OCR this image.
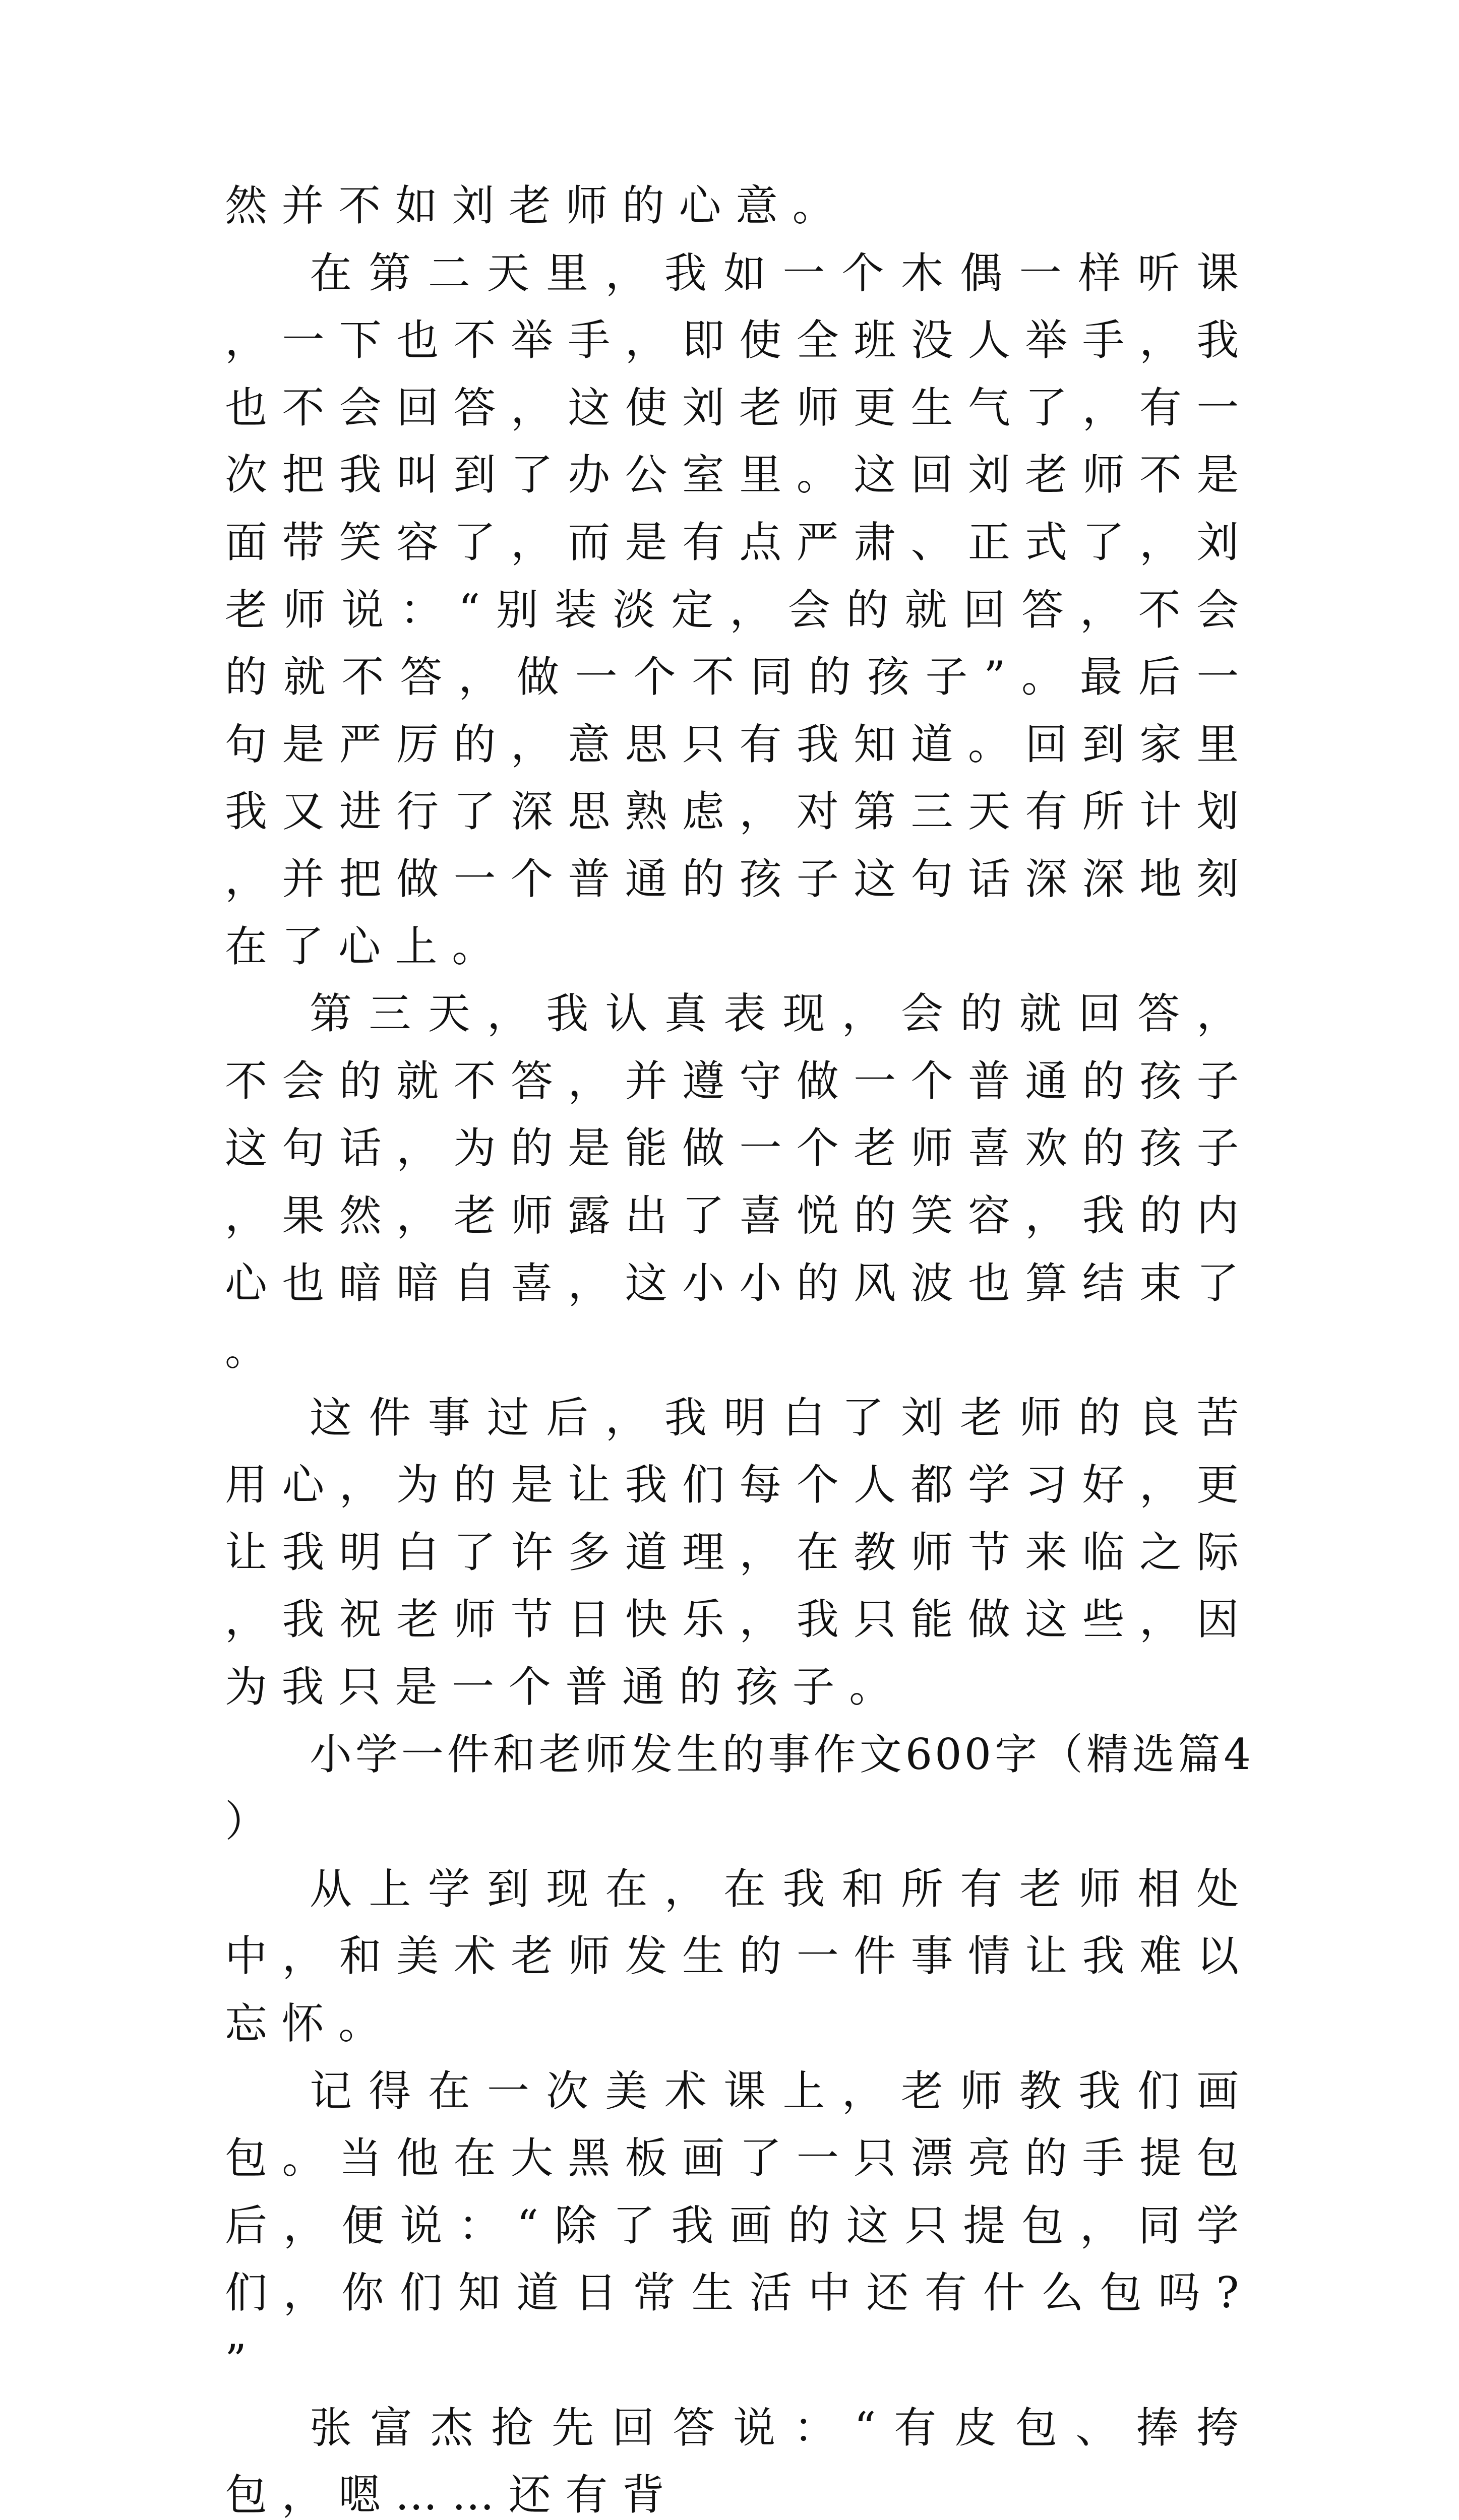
然并不如刘老师的心意。

在第二天里，我如一个木偶一样听课，一下也不举手，即使全班没人举手，我也不会回答，这使刘老师更生气了，有一次把我叫到了办公室里。这回刘老师不是面带笑容了，而是有点严肃、正式了，刘老师说：“别装淡定，会的就回答，不会的就不答，做一个不同的孩子”。最后一句是严厉的，意思只有我知道。回到家里我又进行了深思熟虑，对第三天有所计划，并把做一个普通的孩子这句话深深地刻在了心上。

第三天，我认真表现，会的就回答，不会的就不答，并遵守做一个普通的孩子这句话，为的是能做一个老师喜欢的孩子，果然，老师露出了喜悦的笑容，我的内心也暗暗自喜，这小小的风波也算结束了。

这件事过后，我明白了刘老师的良苦用心，为的是让我们每个人都学习好，更让我明白了许多道理，在教师节来临之际，我祝老师节日快乐，我只能做这些，因为我只是一个普通的孩子。

小学一件和老师发生的事作文600字（精选篇4）

从上学到现在，在我和所有老师相处中，和美术老师发生的一件事情让我难以忘怀。

记得在一次美术课上，老师教我们画包。当他在大黑板画了一只漂亮的手提包后，便说：“除了我画的这只提包，同学们，你们知道日常生活中还有什么包吗?”

张富杰抢先回答说：“有皮包、捧挎包，嗯……还有背
